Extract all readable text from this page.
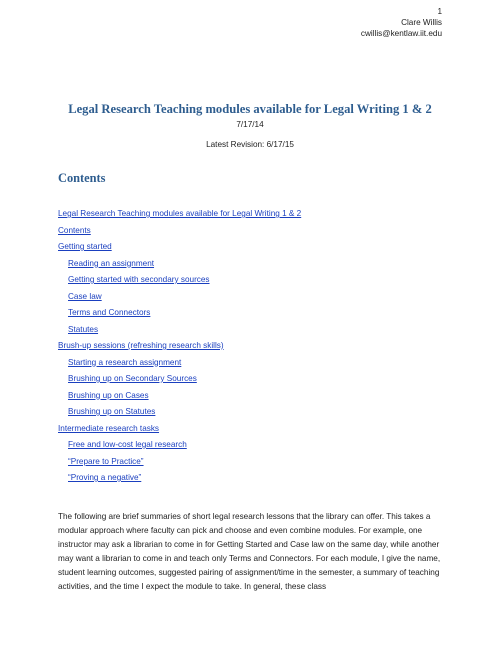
1
Clare Willis
cwillis@kentlaw.iit.edu
Legal Research Teaching modules available for Legal Writing 1 & 2
7/17/14
Latest Revision: 6/17/15
Contents
Legal Research Teaching modules available for Legal Writing 1 & 2
Contents
Getting started
Reading an assignment
Getting started with secondary sources
Case law
Terms and Connectors
Statutes
Brush-up sessions (refreshing research skills)
Starting a research assignment
Brushing up on Secondary Sources
Brushing up on Cases
Brushing up on Statutes
Intermediate research tasks
Free and low-cost legal research
“Prepare to Practice”
“Proving a negative”

The following are brief summaries of short legal research lessons that the library can offer. This takes a modular approach where faculty can pick and choose and even combine modules. For example, one instructor may ask a librarian to come in for Getting Started and Case law on the same day, while another may want a librarian to come in and teach only Terms and Connectors. For each module, I give the name, student learning outcomes, suggested pairing of assignment/time in the semester, a summary of teaching activities, and the time I expect the module to take. In general, these class
